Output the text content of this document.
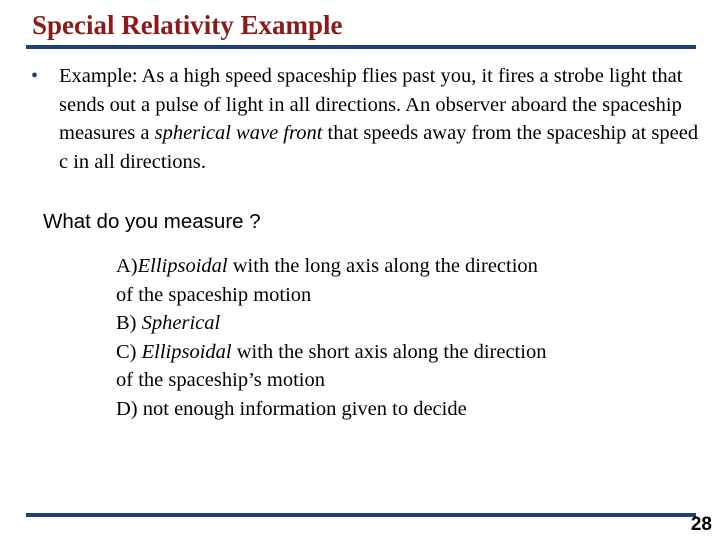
Special Relativity Example
• Example: As a high speed spaceship flies past you, it fires a strobe light that sends out a pulse of light in all directions. An observer aboard the spaceship measures a spherical wave front that speeds away from the spaceship at speed c in all directions.
What do you measure ?
A)Ellipsoidal with the long axis along the direction
of the spaceship motion
B) Spherical
C) Ellipsoidal with the short axis along the direction
of the spaceship’s motion
D) not enough information given to decide
28
